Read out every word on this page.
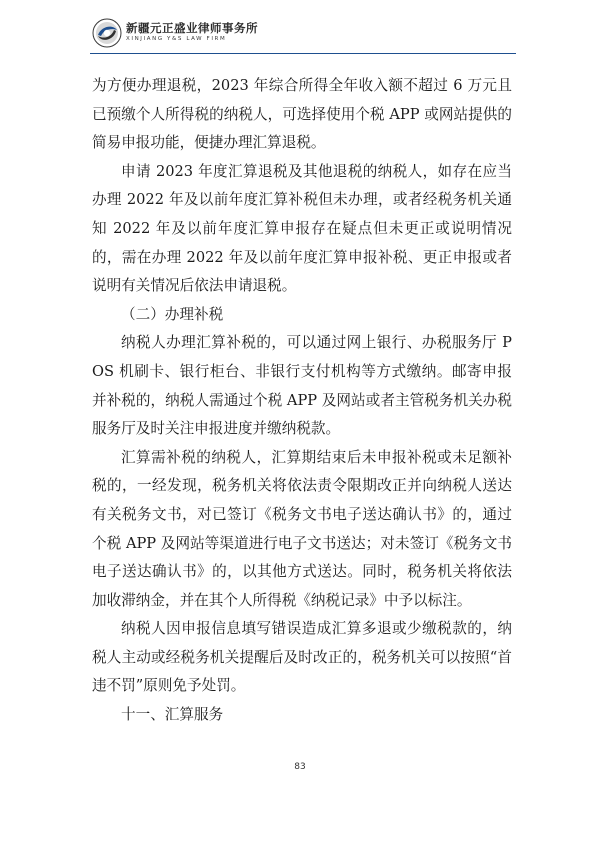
新疆元正盛业律师事务所
XINJIANG Y&S LAW FIRM

为方便办理退税，2023 年综合所得全年收入额不超过 6 万元且已预缴个人所得税的纳税人，可选择使用个税 APP 或网站提供的简易申报功能，便捷办理汇算退税。

申请 2023 年度汇算退税及其他退税的纳税人，如存在应当办理 2022 年及以前年度汇算补税但未办理，或者经税务机关通知 2022 年及以前年度汇算申报存在疑点但未更正或说明情况的，需在办理 2022 年及以前年度汇算申报补税、更正申报或者说明有关情况后依法申请退税。

（二）办理补税

纳税人办理汇算补税的，可以通过网上银行、办税服务厅 POS 机刷卡、银行柜台、非银行支付机构等方式缴纳。邮寄申报并补税的，纳税人需通过个税 APP 及网站或者主管税务机关办税服务厅及时关注申报进度并缴纳税款。

汇算需补税的纳税人，汇算期结束后未申报补税或未足额补税的，一经发现，税务机关将依法责令限期改正并向纳税人送达有关税务文书，对已签订《税务文书电子送达确认书》的，通过个税 APP 及网站等渠道进行电子文书送达；对未签订《税务文书电子送达确认书》的，以其他方式送达。同时，税务机关将依法加收滞纳金，并在其个人所得税《纳税记录》中予以标注。

纳税人因申报信息填写错误造成汇算多退或少缴税款的，纳税人主动或经税务机关提醒后及时改正的，税务机关可以按照“首违不罚”原则免予处罚。

十一、汇算服务

83
